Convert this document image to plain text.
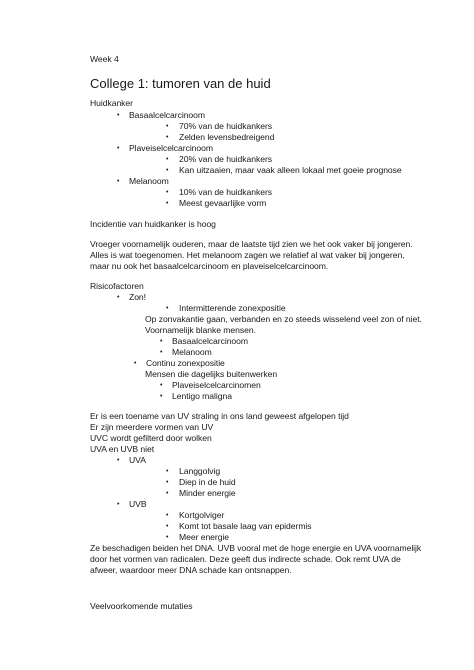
Week 4
College 1: tumoren van de huid
Huidkanker
• Basaalcelcarcinoom
• 70% van de huidkankers
• Zelden levensbedreigend
• Plaveiselcelcarcinoom
• 20% van de huidkankers
• Kan uitzaaien, maar vaak alleen lokaal met goeie prognose
• Melanoom
• 10% van de huidkankers
• Meest gevaarlijke vorm
Incidentie van huidkanker is hoog
Vroeger voornamelijk ouderen, maar de laatste tijd zien we het ook vaker bij jongeren.
Alles is wat toegenomen. Het melanoom zagen we relatief al wat vaker bij jongeren,
maar nu ook het basaalcelcarcinoom en plaveiselcelcarcinoom.
Risicofactoren
• Zon!
• Intermitterende zonexpositie
Op zonvakantie gaan, verbanden en zo steeds wisselend veel zon of niet.
Voornamelijk blanke mensen.
• Basaalcelcarcinoom
• Melanoom
• Continu zonexpositie
Mensen die dagelijks buitenwerken
• Plaveiselcelcarcinomen
• Lentigo maligna
Er is een toename van UV straling in ons land geweest afgelopen tijd
Er zijn meerdere vormen van UV
UVC wordt gefilterd door wolken
UVA en UVB niet
• UVA
• Langgolvig
• Diep in de huid
• Minder energie
• UVB
• Kortgolviger
• Komt tot basale laag van epidermis
• Meer energie
Ze beschadigen beiden het DNA. UVB vooral met de hoge energie en UVA voornamelijk
door het vormen van radicalen. Deze geeft dus indirecte schade. Ook remt UVA de
afweer, waardoor meer DNA schade kan ontsnappen.
Veelvoorkomende mutaties
